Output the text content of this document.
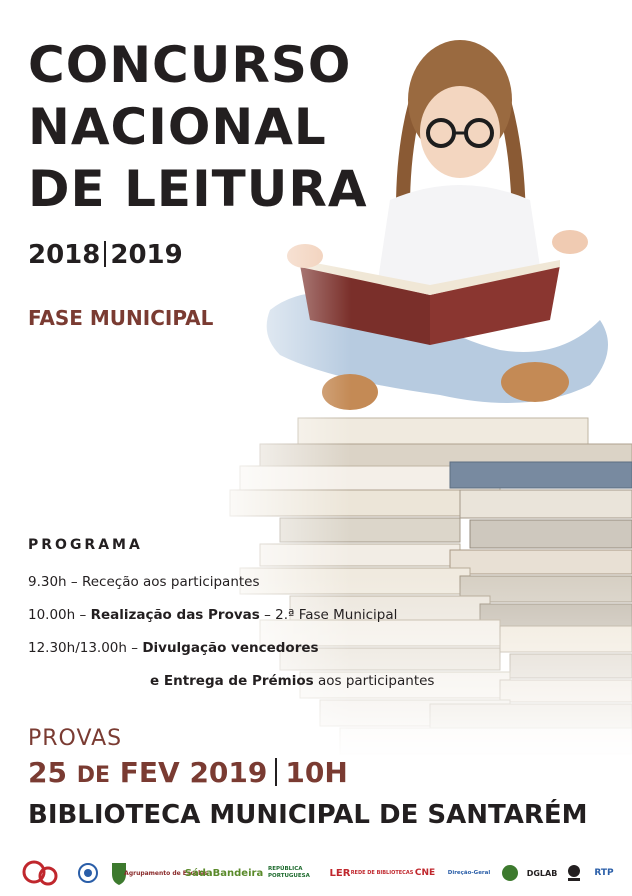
CONCURSO
NACIONAL
DE LEITURA
2018 2019
FASE MUNICIPAL
PROGRAMA
9.30h – Receção aos participantes
10.00h – Realização das Provas – 2.ª Fase Municipal
12.30h/13.00h – Divulgação vencedores
e Entrega de Prémios aos participantes
PROVAS
25 DE FEV 2019 10H
BIBLIOTECA MUNICIPAL DE SANTARÉM
Agrupamento de Escolas
SádaBandeira REPÚBLICA PORTUGUESA	LER REDE DE BIBLIOTECAS CNE Direção-Geral	DGLAB	RTP
